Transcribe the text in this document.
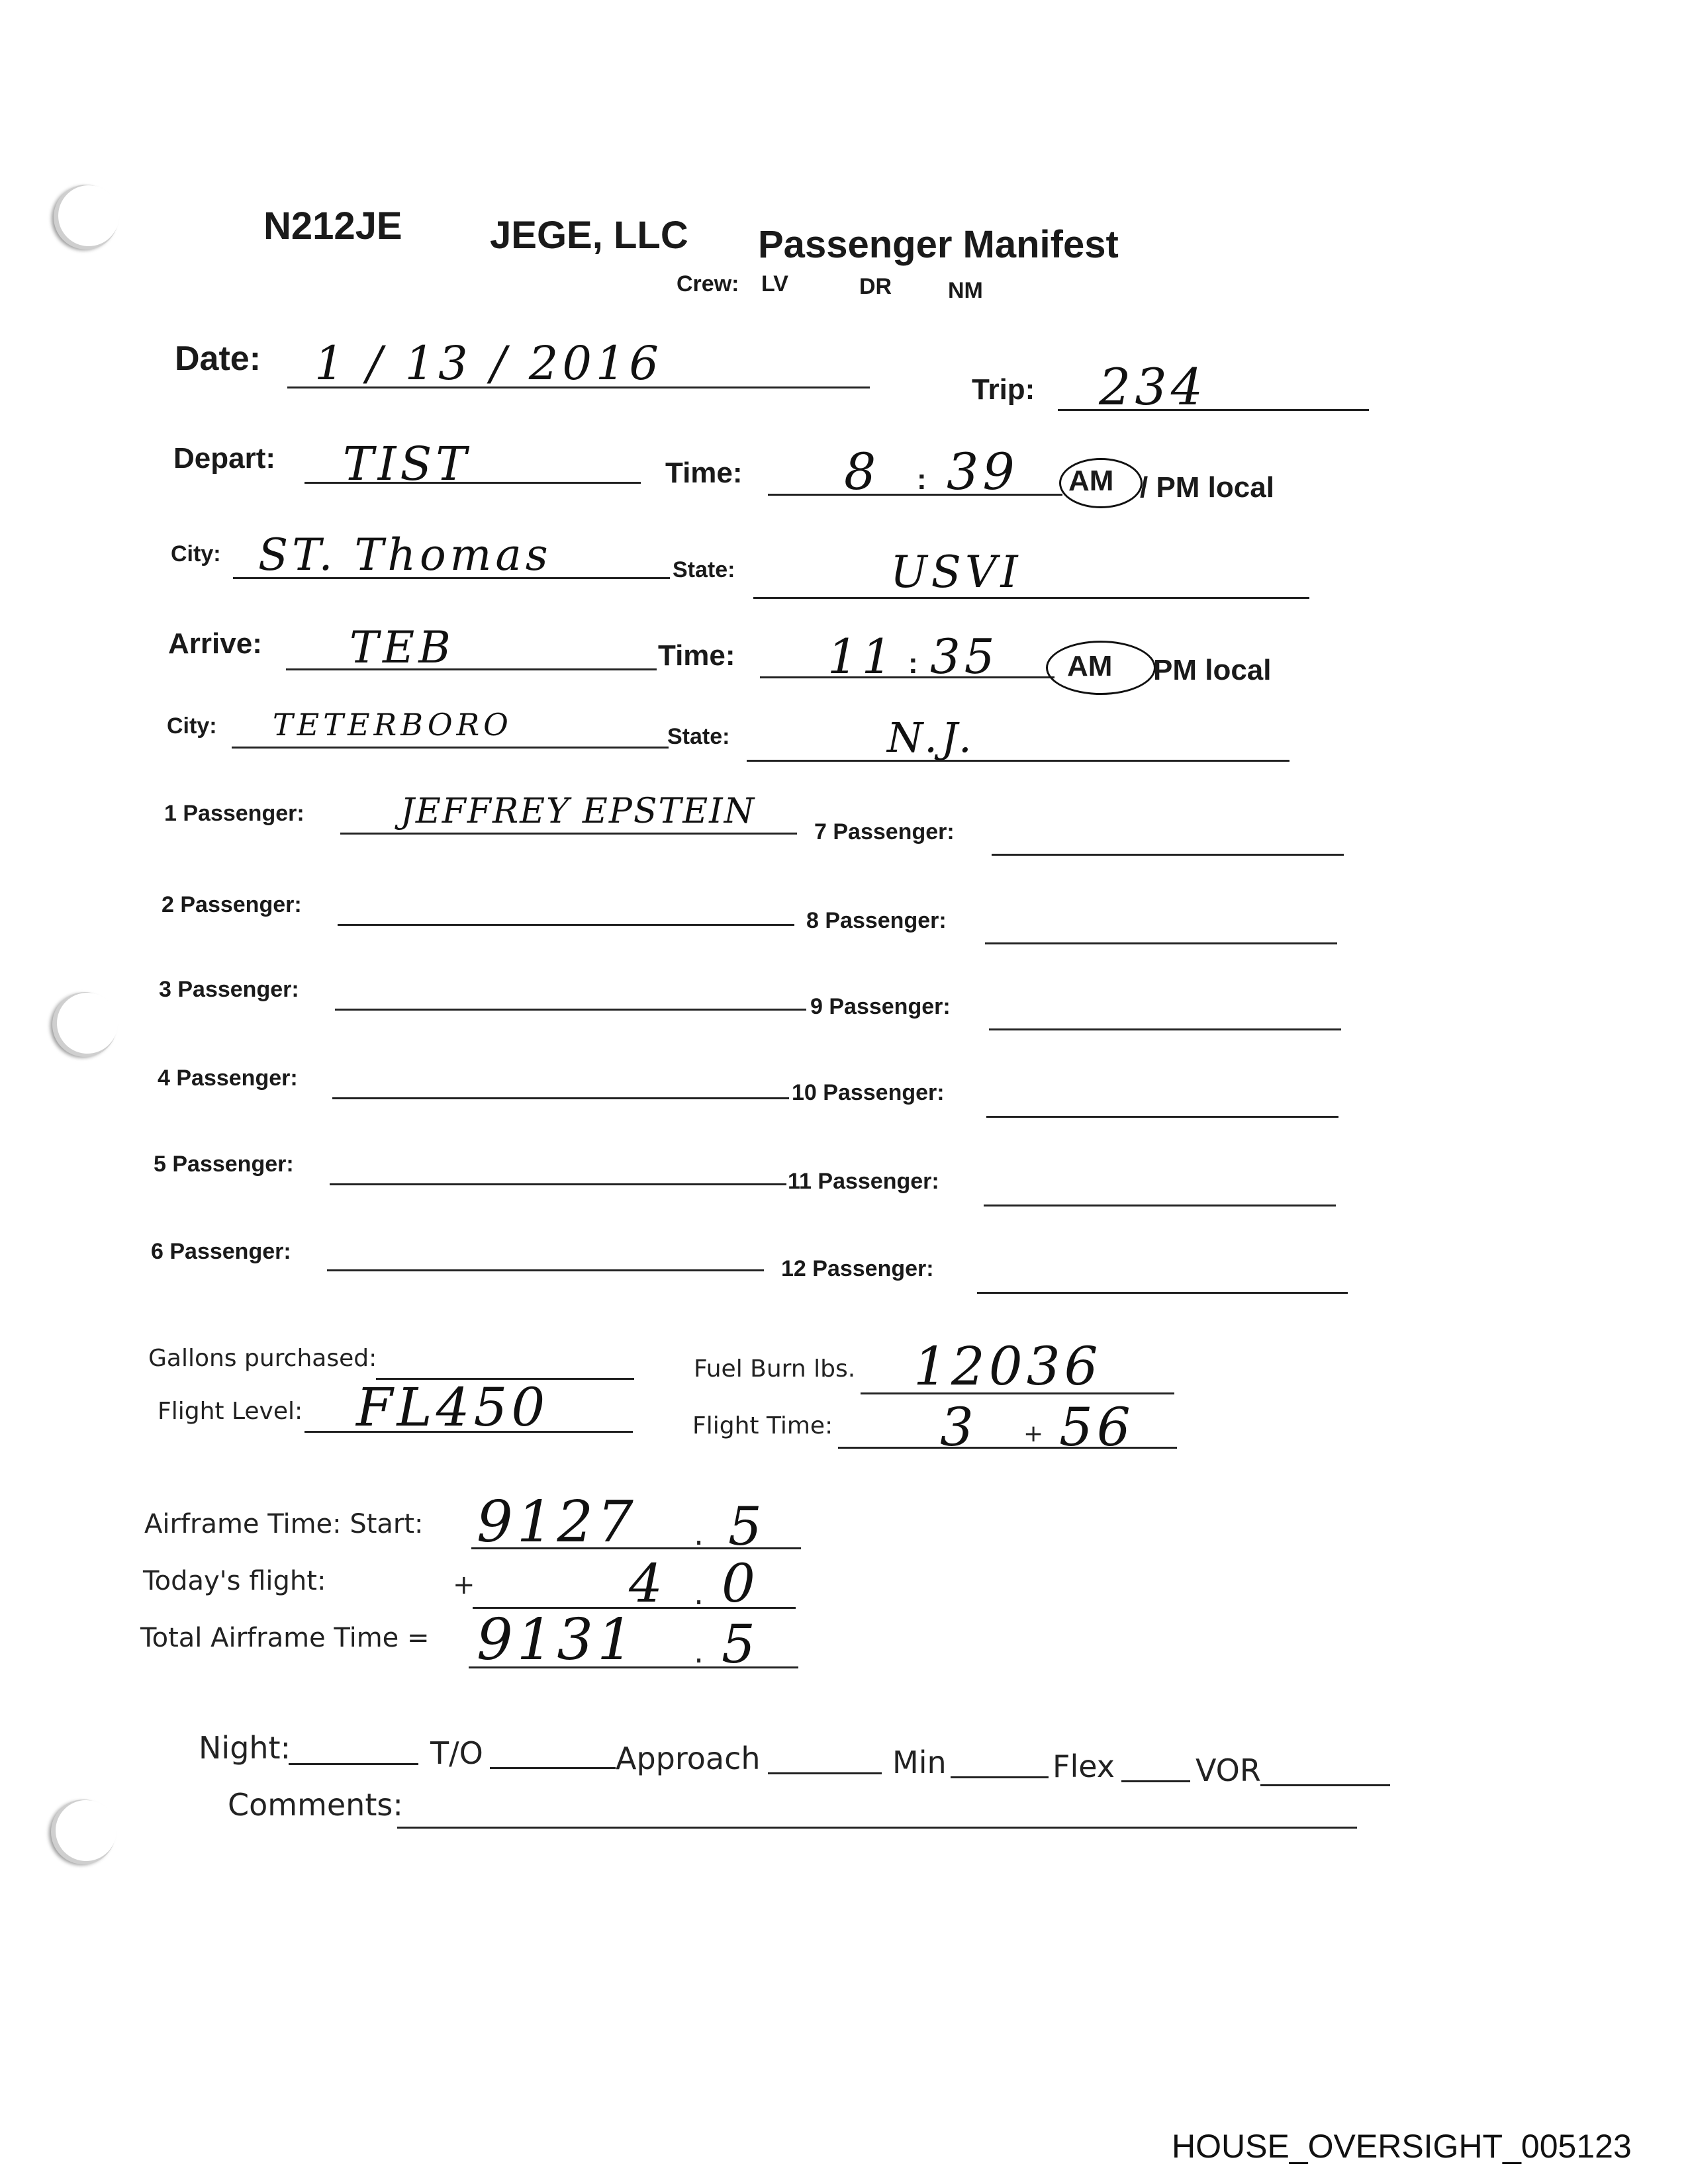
N212JE JEGE, LLC Passenger Manifest
Crew: LV	DR NM
Date: 1 / 13 / 2016	Trip: 234
Depart: TIST	Time: 8 : 39 AM / PM local
City: ST. Thomas	State:	USVI
Arrive: TEB	Time: 11 : 35 AM PM local
City: TETERBORO	State:	N.J.
1 Passenger:	JEFFREY EPSTEIN
2 Passenger:
3 Passenger:
4 Passenger:
5 Passenger:
6 Passenger:
7 Passenger:
8 Passenger:
9 Passenger:
10 Passenger:
11 Passenger:
12 Passenger:
Gallons purchased:	Fuel Burn lbs. 12036
Flight Level: FL450	Flight Time: 3 + 56
Airframe Time: Start: 9127 . 5
Today's flight:	+	4 . 0
Total Airframe Time = 9131 . 5
Night:	T/O	Approach	Min	Flex	VOR
Comments:
HOUSE_OVERSIGHT_005123
